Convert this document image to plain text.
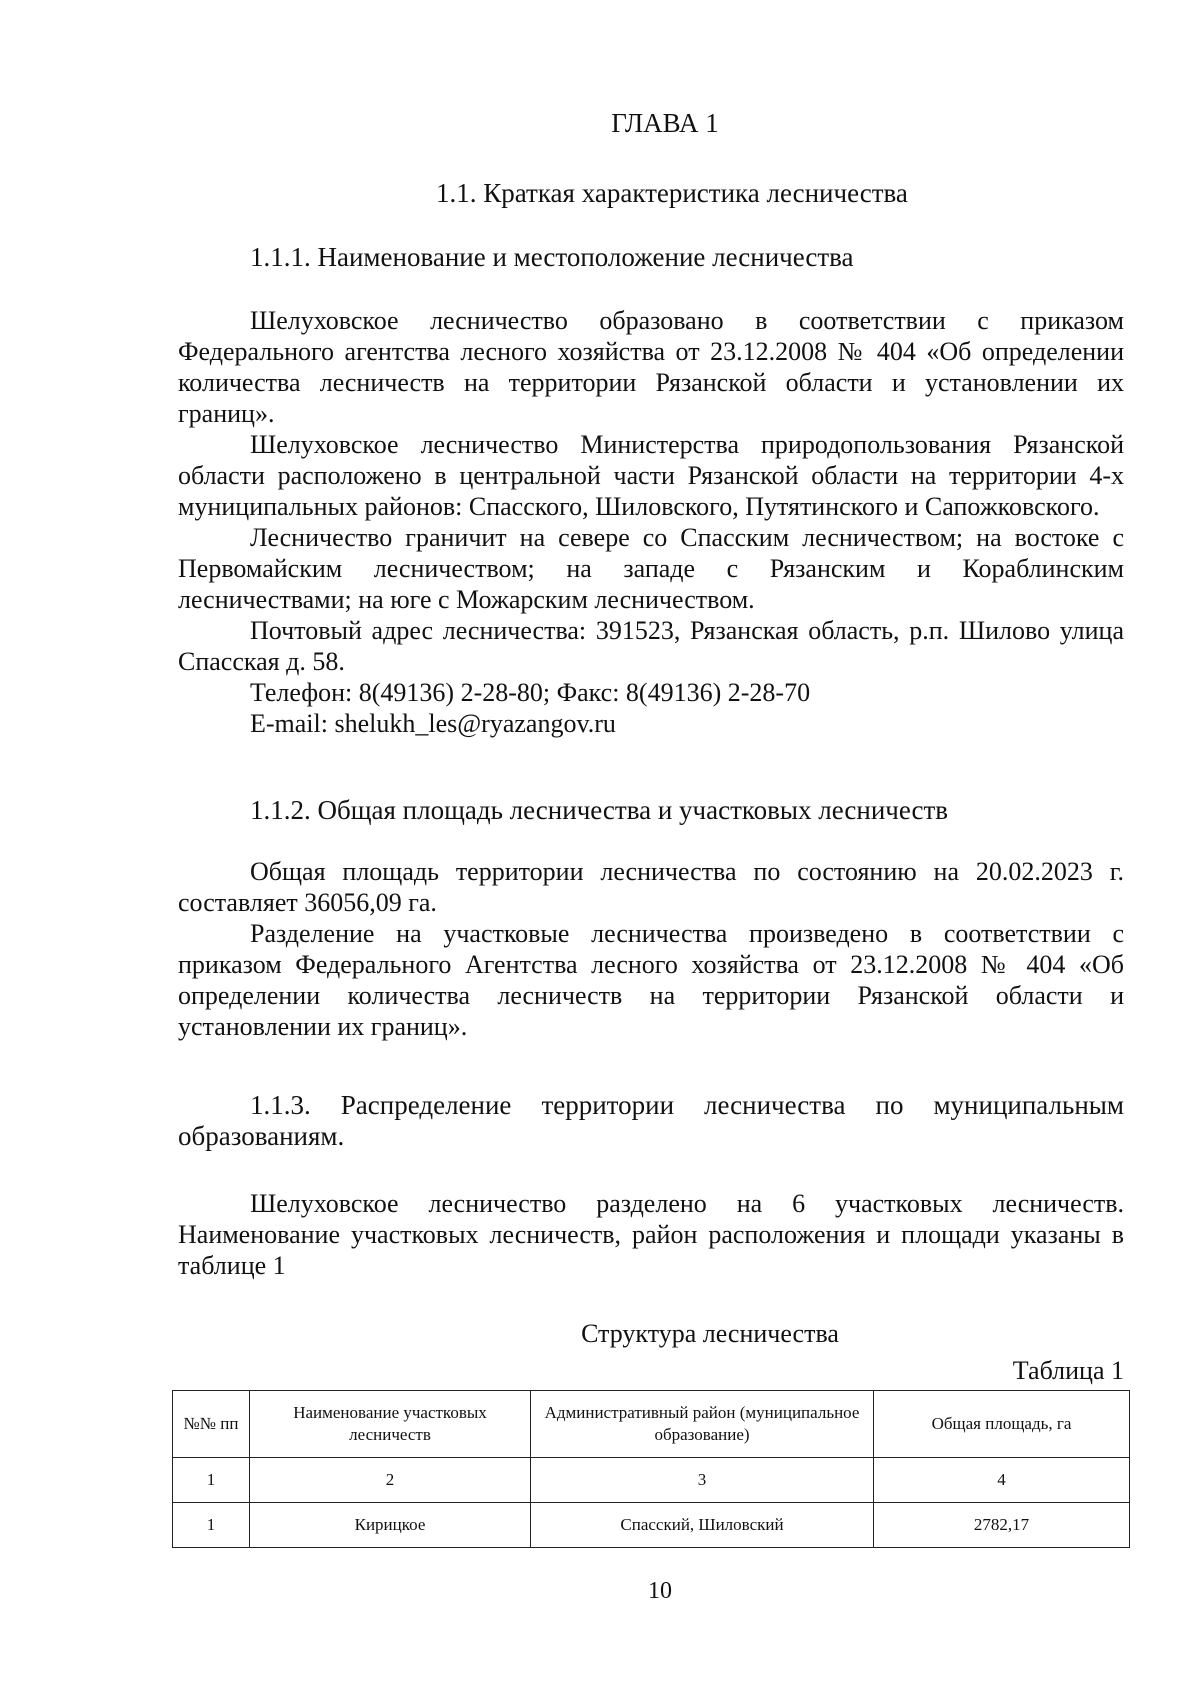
ГЛАВА 1
1.1. Краткая характеристика лесничества
1.1.1. Наименование и местоположение лесничества

Шелуховское лесничество образовано в соответствии с приказом Федерального агентства лесного хозяйства от 23.12.2008 № 404 «Об определении количества лесничеств на территории Рязанской области и установлении их границ».

Шелуховское лесничество Министерства природопользования Рязанской области расположено в центральной части Рязанской области на территории 4-х муниципальных районов: Спасского, Шиловского, Путятинского и Сапожковского.

Лесничество граничит на севере со Спасским лесничеством; на востоке с Первомайским лесничеством; на западе с Рязанским и Кораблинским лесничествами; на юге с Можарским лесничеством.

Почтовый адрес лесничества: 391523, Рязанская область, р.п. Шилово улица Спасская д. 58.

Телефон: 8(49136) 2-28-80; Факс: 8(49136) 2-28-70

E-mail: shelukh_les@ryazangov.ru

1.1.2. Общая площадь лесничества и участковых лесничеств

Общая площадь территории лесничества по состоянию на 20.02.2023 г. составляет 36056,09 га.

Разделение на участковые лесничества произведено в соответствии с приказом Федерального Агентства лесного хозяйства от 23.12.2008 № 404 «Об определении количества лесничеств на территории Рязанской области и установлении их границ».

1.1.3. Распределение территории лесничества по муниципальным образованиям.

Шелуховское лесничество разделено на 6 участковых лесничеств. Наименование участковых лесничеств, район расположения и площади указаны в таблице 1

Структура лесничества
Таблица 1
№№ пп	Наименование участковых лесничеств	Административный район (муниципальное образование)	Общая площадь, га
1	2	3	4
1	Кирицкое	Спасский, Шиловский	2782,17
10
